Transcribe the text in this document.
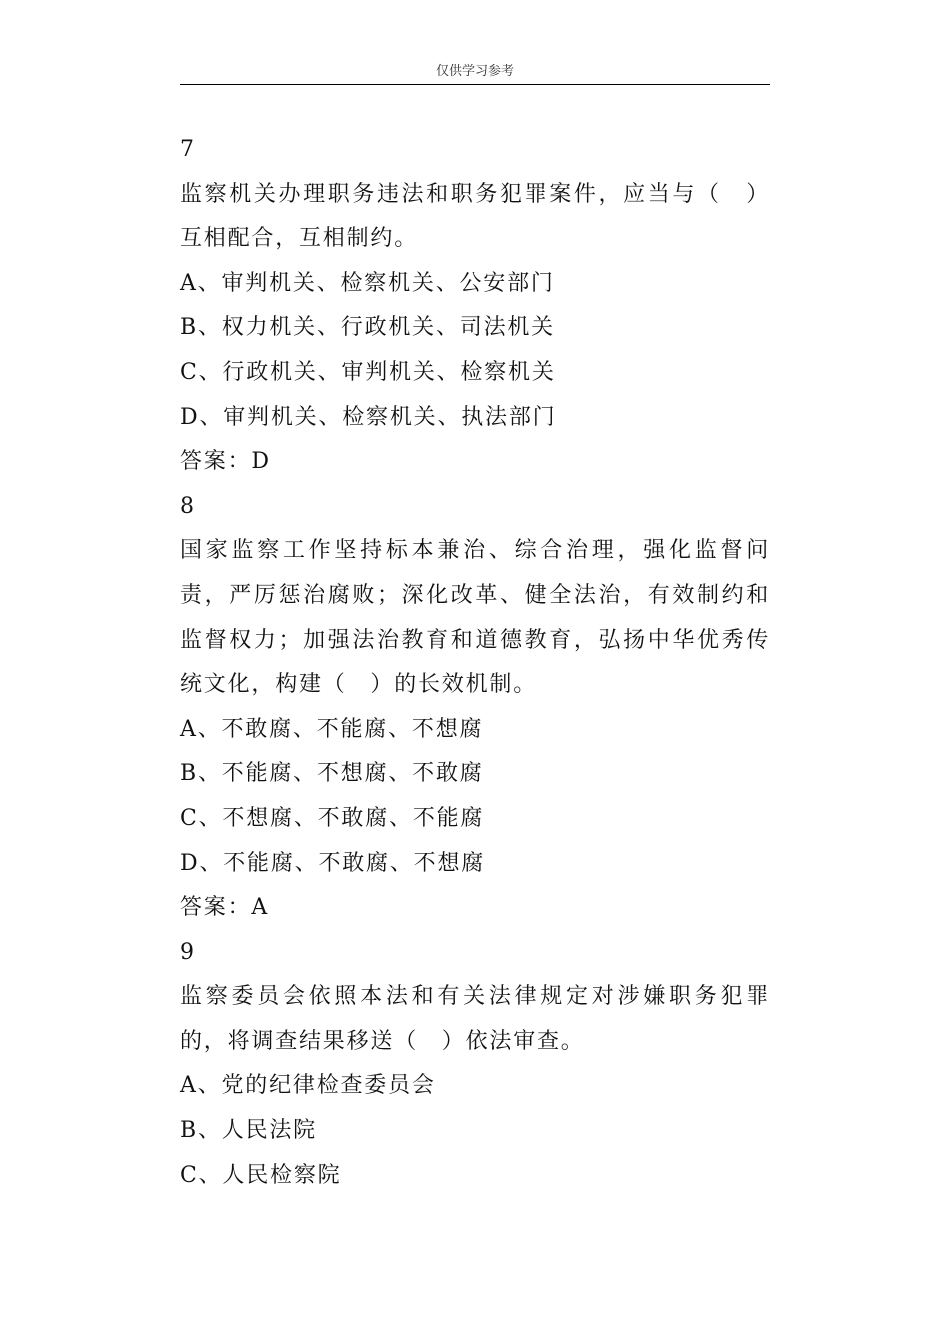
仅供学习参考
7
监察机关办理职务违法和职务犯罪案件，应当与（　）互相配合，互相制约。
A、审判机关、检察机关、公安部门
B、权力机关、行政机关、司法机关
C、行政机关、审判机关、检察机关
D、审判机关、检察机关、执法部门
答案：D
8
国家监察工作坚持标本兼治、综合治理，强化监督问责，严厉惩治腐败；深化改革、健全法治，有效制约和监督权力；加强法治教育和道德教育，弘扬中华优秀传统文化，构建（　）的长效机制。
A、不敢腐、不能腐、不想腐
B、不能腐、不想腐、不敢腐
C、不想腐、不敢腐、不能腐
D、不能腐、不敢腐、不想腐
答案：A
9
监察委员会依照本法和有关法律规定对涉嫌职务犯罪的，将调查结果移送（　）依法审查。
A、党的纪律检查委员会
B、人民法院
C、人民检察院
